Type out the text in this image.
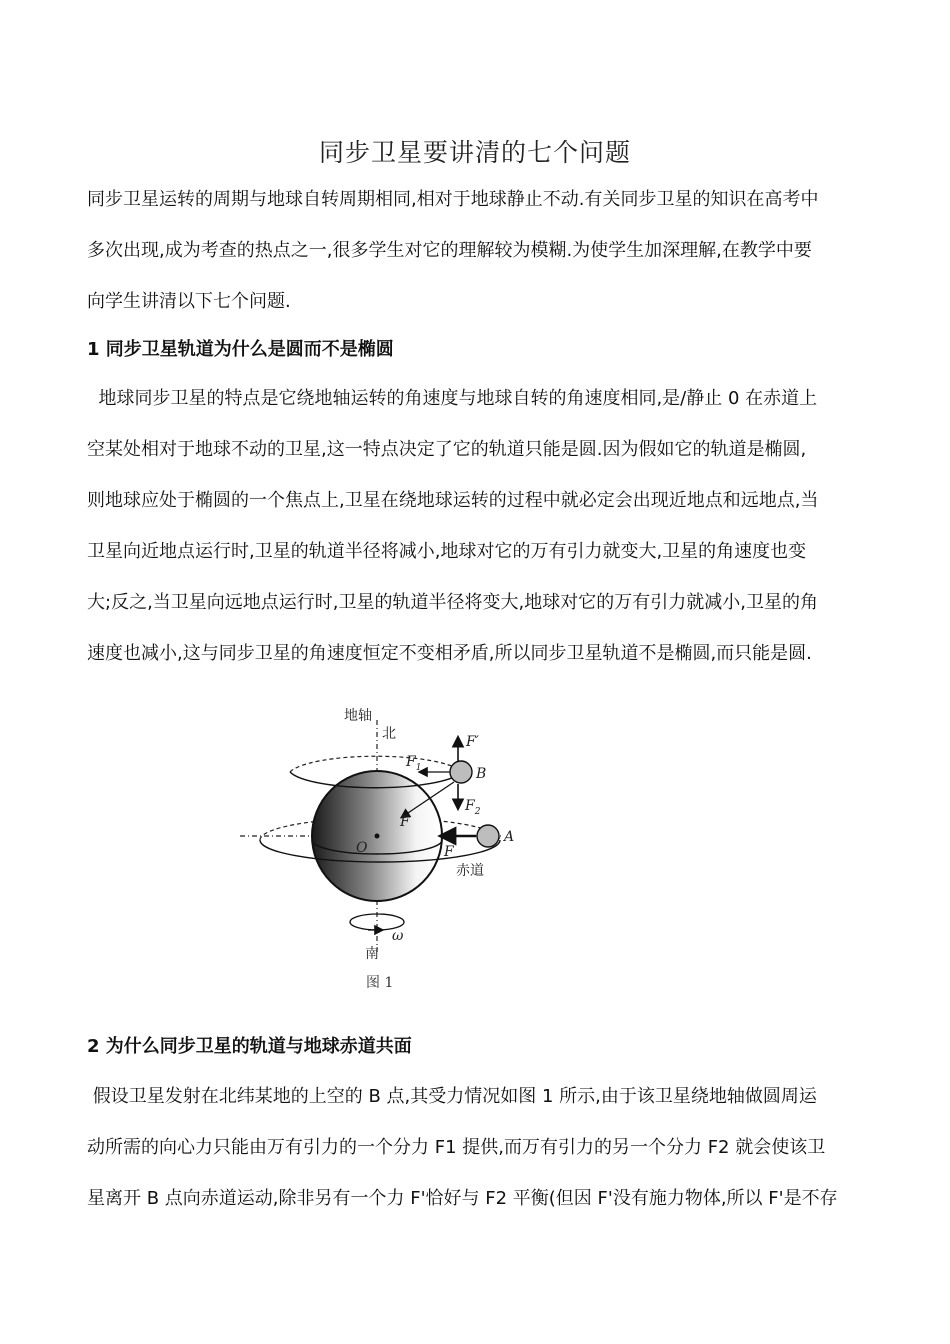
同步卫星要讲清的七个问题

同步卫星运转的周期与地球自转周期相同,相对于地球静止不动.有关同步卫星的知识在高考中
多次出现,成为考查的热点之一,很多学生对它的理解较为模糊.为使学生加深理解,在教学中要
向学生讲清以下七个问题.

1 同步卫星轨道为什么是圆而不是椭圆

地球同步卫星的特点是它绕地轴运转的角速度与地球自转的角速度相同,是/静止 0 在赤道上
空某处相对于地球不动的卫星,这一特点决定了它的轨道只能是圆.因为假如它的轨道是椭圆,
则地球应处于椭圆的一个焦点上,卫星在绕地球运转的过程中就必定会出现近地点和远地点,当
卫星向近地点运行时,卫星的轨道半径将减小,地球对它的万有引力就变大,卫星的角速度也变
大;反之,当卫星向远地点运行时,卫星的轨道半径将变大,地球对它的万有引力就减小,卫星的角
速度也减小,这与同步卫星的角速度恒定不变相矛盾,所以同步卫星轨道不是椭圆,而只能是圆.

地轴
北
南
赤道
O
A
B
F
F′
$F_1$
$F_2$
F
ω
图 1
2 为什么同步卫星的轨道与地球赤道共面

假设卫星发射在北纬某地的上空的 B 点,其受力情况如图 1 所示,由于该卫星绕地轴做圆周运
动所需的向心力只能由万有引力的一个分力 F1 提供,而万有引力的另一个分力 F2 就会使该卫
星离开 B 点向赤道运动,除非另有一个力 F'恰好与 F2 平衡(但因 F'没有施力物体,所以 F'是不存
